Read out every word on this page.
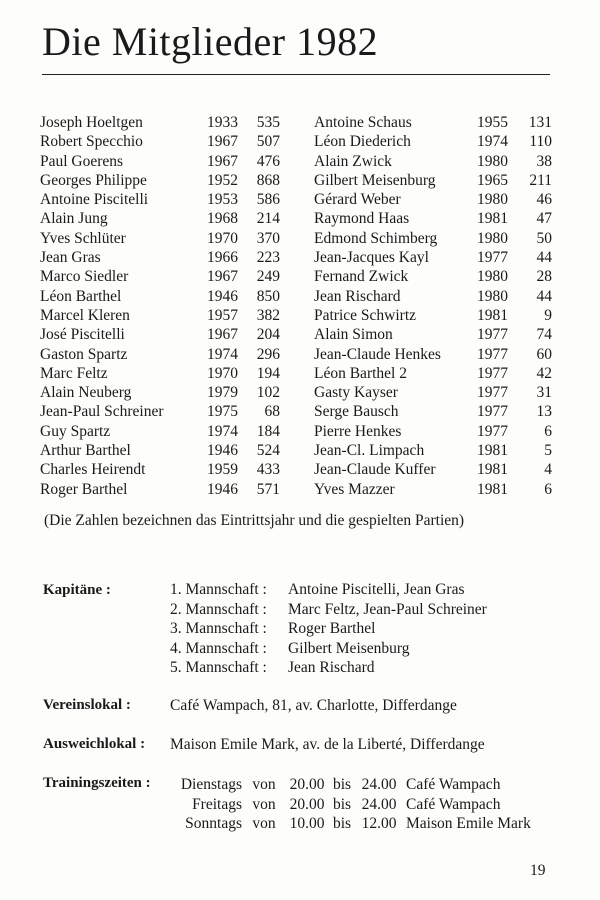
Die Mitglieder 1982
Joseph Hoeltgen	1933	535		Antoine Schaus	1955	131
Robert Specchio	1967	507		Léon Diederich	1974	110
Paul Goerens	1967	476		Alain Zwick	1980	38
Georges Philippe	1952	868		Gilbert Meisenburg	1965	211
Antoine Piscitelli	1953	586		Gérard Weber	1980	46
Alain Jung	1968	214		Raymond Haas	1981	47
Yves Schlüter	1970	370		Edmond Schimberg	1980	50
Jean Gras	1966	223		Jean-Jacques Kayl	1977	44
Marco Siedler	1967	249		Fernand Zwick	1980	28
Léon Barthel	1946	850		Jean Rischard	1980	44
Marcel Kleren	1957	382		Patrice Schwirtz	1981	9
José Piscitelli	1967	204		Alain Simon	1977	74
Gaston Spartz	1974	296		Jean-Claude Henkes	1977	60
Marc Feltz	1970	194		Léon Barthel 2	1977	42
Alain Neuberg	1979	102		Gasty Kayser	1977	31
Jean-Paul Schreiner	1975	68		Serge Bausch	1977	13
Guy Spartz	1974	184		Pierre Henkes	1977	6
Arthur Barthel	1946	524		Jean-Cl. Limpach	1981	5
Charles Heirendt	1959	433		Jean-Claude Kuffer	1981	4
Roger Barthel	1946	571		Yves Mazzer	1981	6
(Die Zahlen bezeichnen das Eintrittsjahr und die gespielten Partien)
Kapitäne :	1. Mannschaft : Antoine Piscitelli, Jean Gras
2. Mannschaft : Marc Feltz, Jean-Paul Schreiner
3. Mannschaft : Roger Barthel
4. Mannschaft : Gilbert Meisenburg
5. Mannschaft : Jean Rischard
Vereinslokal :	Café Wampach, 81, av. Charlotte, Differdange
Ausweichlokal : Maison Emile Mark, av. de la Liberté, Differdange
Trainingszeiten :	Dienstags von 20.00 bis 24.00 Café Wampach
Freitags von 20.00 bis 24.00 Café Wampach
Sonntags von 10.00 bis 12.00 Maison Emile Mark
19
